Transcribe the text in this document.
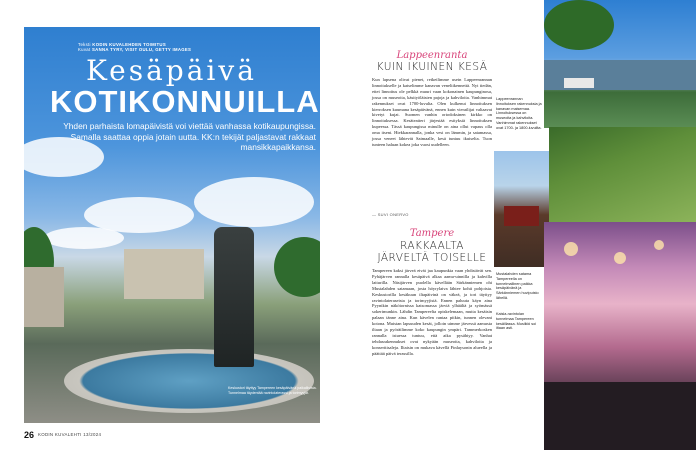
Teksti KODIN KUVALEHDEN TOIMITUS
Kuvat SANNA TYRY, VISIT OULU, GETTY IMAGES
Kesäpäivä
KOTIKONNUILLA
Yhden parhaista lomapäivistä voi viettää vanhassa kotikaupungissa. Samalla saattaa oppia jotain uutta. KK:n tekijät paljastavat rakkaat mansikkapaikkansa.
Keskustori täyttyy Tampereen kesäpäivänä paikallisista. Tunnelmaa täydentää ravintolaterassi ja torimyyjät.
26 KODIN KUVALEHTI 13/2024
Lappeenranta
KUIN IKUINEN KESÄ
Kun lapsena olivat pienet, retkeilimme usein Lappeenrannan linnoitukselle ja katselimme kanavan veneliikennettä. Nyt tiedän, ettei linnoitus ole pelkkä muuri vaan kokonainen kaupunginosa, jossa on museoita, käsityöläisten pajoja ja kahviloita. Vanhimmat rakennukset ovat 1700-luvulta. Olen kulkenut linnoituksen kierroksen kuumana kesäpäivänä, ennen kuin vierailijat valtaavat kivetyt kujat. Suomen vanhin ortodoksinen kirkko on linnoituksessa. Kesäteatteri järjestää esityksiä linnoituksen kupeessa. Tässä kaupungissa minulle on aina ollut vapaus olla oma itseni. Hiekkarannalla, jonka vesi on lämmin, ja satamassa, jossa veneet lähtevät Saimaalle, kesä tuntuu ikuiselta. Tuon tunteen haluan kokea joka vuosi uudelleen.
— SUVI ONERVO
Tampere
RAKKAALTA
JÄRVELTÄ TOISELLE
Tampereen kaksi järveä eivät jaa kaupunkia vaan yhdistävät sen. Pyhäjärven rannalla kesäpäivä alkaa aamu-uinnilla ja kahvilla laiturilla. Näsijärven puolella kävellään Särkänniemen ohi Mustalahden satamaan, josta höyrylaiva lähtee kohti pohjoista. Keskustorilla kesäkuun iltapäivinä on väkeä, ja tori täyttyy ravintolateraseista ja torimyyjistä. Ennen paluuta käyn aina Pyynikin näkötornissa katsomassa järviä ylhäältä ja syömässä sokerimunkin. Lähdin Tampereelta opiskelemaan, mutta kesäisin palaan tänne aina. Kun kävelen rantaa pitkin, tunnen olevani kotona. Muistan lapsuuden kesät, jolloin uimme järvessä aamusta iltaan ja pyöräilimme koko kaupungin ympäri. Tammerkosken rannalla istuessa tuntuu, että aika pysähtyy. Vanhat tehdasrakennukset ovat nykyään museoita, kahviloita ja konserttisaleja. Iltaisin on mukava kävellä Finlaysonin alueella ja päättää päivä terassilla.
Lappeenrannan linnoituksen rakennuksia ja kanavan maisemaa. Linnoituksessa on museoita ja kahviloita. Vanhimmat rakennukset ovat 1700- ja 1800-luvuilta.
Mustalahden satama Tampereella on tunnelmallinen paikka kesäpäivänä ja Särkänniemen huvipuisto lähellä.
Kaisla-ravintolan tunnelmaa Tampereen kesäillassa. Musiikki soi iltaan asti.
